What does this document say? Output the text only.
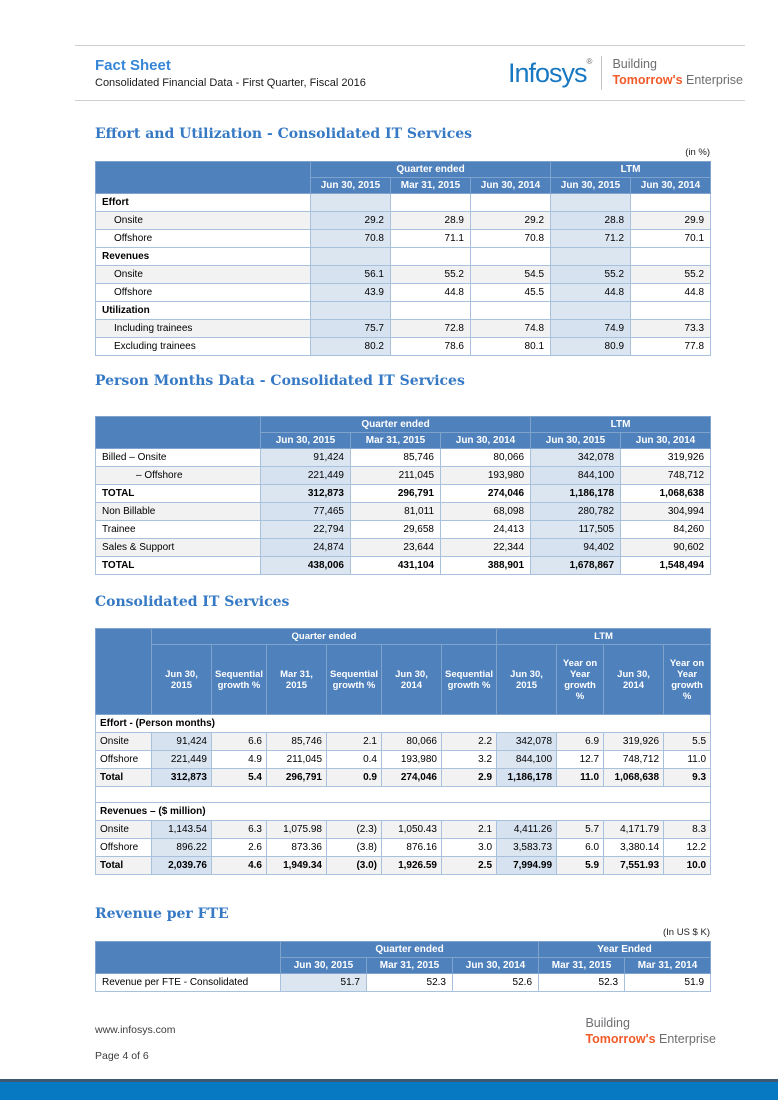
Fact Sheet
Consolidated Financial Data - First Quarter, Fiscal 2016	Infosys® Building
Tomorrow's Enterprise
Effort and Utilization - Consolidated IT Services
(in %)
	Quarter ended			LTM	
	Jun 30, 2015	Mar 31, 2015	Jun 30, 2014	Jun 30, 2015	Jun 30, 2014
Effort					
Onsite	29.2	28.9	29.2	28.8	29.9
Offshore	70.8	71.1	70.8	71.2	70.1
Revenues					
Onsite	56.1	55.2	54.5	55.2	55.2
Offshore	43.9	44.8	45.5	44.8	44.8
Utilization					
Including trainees	75.7	72.8	74.8	74.9	73.3
Excluding trainees	80.2	78.6	80.1	80.9	77.8
Person Months Data - Consolidated IT Services
	Quarter ended			LTM	
	Jun 30, 2015	Mar 31, 2015	Jun 30, 2014	Jun 30, 2015	Jun 30, 2014
Billed – Onsite	91,424	85,746	80,066	342,078	319,926
– Offshore	221,449	211,045	193,980	844,100	748,712
TOTAL	312,873	296,791	274,046	1,186,178	1,068,638
Non Billable	77,465	81,011	68,098	280,782	304,994
Trainee	22,794	29,658	24,413	117,505	84,260
Sales & Support	24,874	23,644	22,344	94,402	90,602
TOTAL	438,006	431,104	388,901	1,678,867	1,548,494
Consolidated IT Services
	Quarter ended						LTM			
	Jun 30, 2015	Sequential growth %	Mar 31, 2015	Sequential growth %	Jun 30, 2014	Sequential growth %	Jun 30, 2015	Year on Year growth %	Jun 30, 2014	Year on Year growth %
Effort - (Person months)										
Onsite	91,424	6.6	85,746	2.1	80,066	2.2	342,078	6.9	319,926	5.5
Offshore	221,449	4.9	211,045	0.4	193,980	3.2	844,100	12.7	748,712	11.0
Total	312,873	5.4	296,791	0.9	274,046	2.9	1,186,178	11.0	1,068,638	9.3

Revenues – ($ million)										
Onsite	1,143.54	6.3	1,075.98	(2.3)	1,050.43	2.1	4,411.26	5.7	4,171.79	8.3
Offshore	896.22	2.6	873.36	(3.8)	876.16	3.0	3,583.73	6.0	3,380.14	12.2
Total	2,039.76	4.6	1,949.34	(3.0)	1,926.59	2.5	7,994.99	5.9	7,551.93	10.0
Revenue per FTE
(In US $ K)
	Quarter ended			Year Ended	
	Jun 30, 2015	Mar 31, 2015	Jun 30, 2014	Mar 31, 2015	Mar 31, 2014
Revenue per FTE - Consolidated	51.7	52.3	52.6	52.3	51.9
www.infosys.com
Page 4 of 6
Building
Tomorrow's Enterprise
